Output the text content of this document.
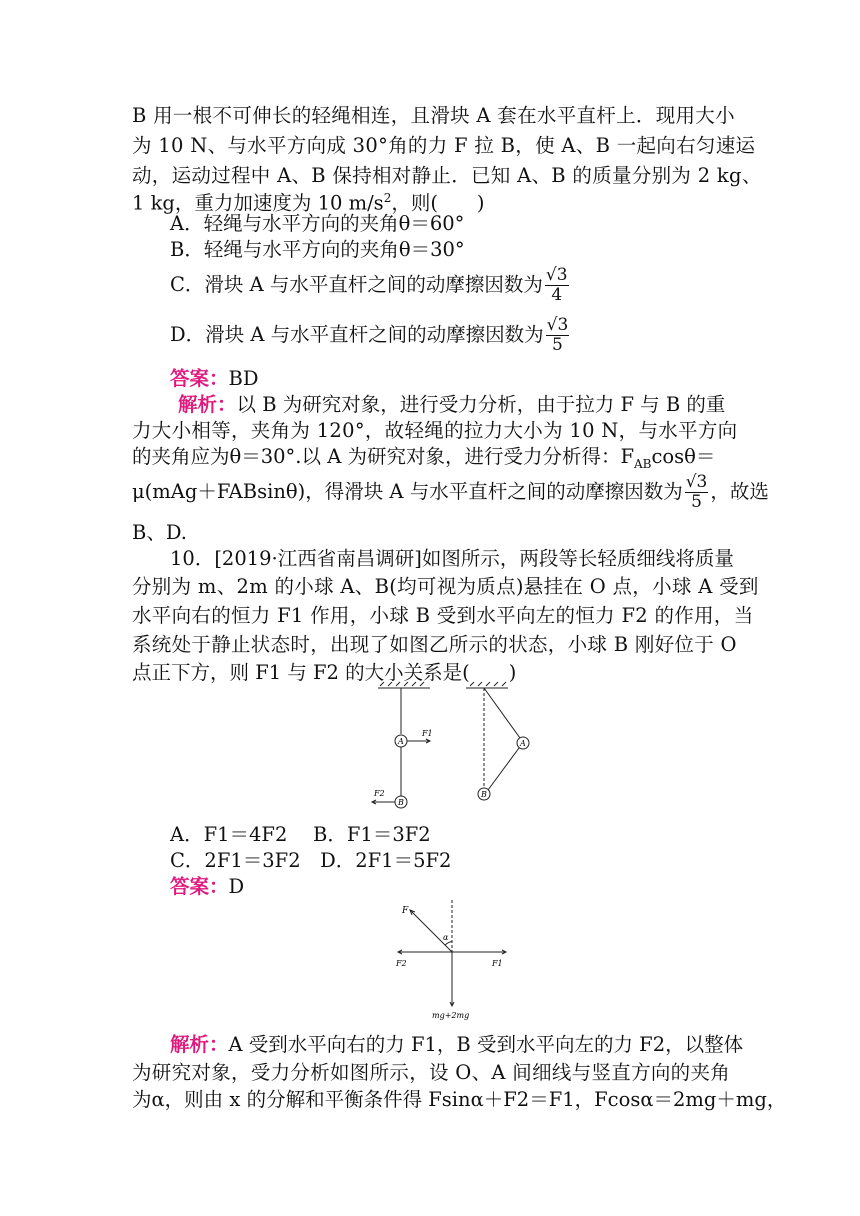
B 用一根不可伸长的轻绳相连，且滑块 A 套在水平直杆上．现用大小
为 10 N、与水平方向成 30°角的力 F 拉 B，使 A、B 一起向右匀速运
动，运动过程中 A、B 保持相对静止．已知 A、B 的质量分别为 2 kg、
1 kg，重力加速度为 10 $m/s^2$，则(　　)
A．轻绳与水平方向的夹角θ＝60°
B．轻绳与水平方向的夹角θ＝30°
C．滑块 A 与水平直杆之间的动摩擦因数为 $\frac{√3}{4}$
D．滑块 A 与水平直杆之间的动摩擦因数为 $\frac{√3}{5}$
答案：BD
解析：以 B 为研究对象，进行受力分析，由于拉力 F 与 B 的重
力大小相等，夹角为 120°，故轻绳的拉力大小为 10 N，与水平方向
的夹角应为θ＝30°.以 A 为研究对象，进行受力分析得：$F_{AB}\cos\theta=$
μ(mAg＋FABsinθ)，得滑块 A 与水平直杆之间的动摩擦因数为 $\frac{√3}{5}$ ，故选
B、D.
10．[2019·江西省南昌调研]如图所示，两段等长轻质细线将质量
分别为 m、2m 的小球 A、B(均可视为质点)悬挂在 O 点，小球 A 受到
水平向右的恒力 F1 作用，小球 B 受到水平向左的恒力 F2 的作用，当
系统处于静止状态时，出现了如图乙所示的状态，小球 B 刚好位于 O
点正下方，则 F1 与 F2 的大小关系是(　　)
A
B
F1
F2
A
B
A．F1＝4F2　 B．F1＝3F2
C．2F1＝3F2　D．2F1＝5F2
答案：D
F
α
F2	F1
mg+2mg
解析：A 受到水平向右的力 F1，B 受到水平向左的力 F2，以整体
为研究对象，受力分析如图所示，设 O、A 间细线与竖直方向的夹角
为α，则由 x 的分解和平衡条件得 Fsinα＋F2＝F1，Fcosα＝2mg＋mg，
